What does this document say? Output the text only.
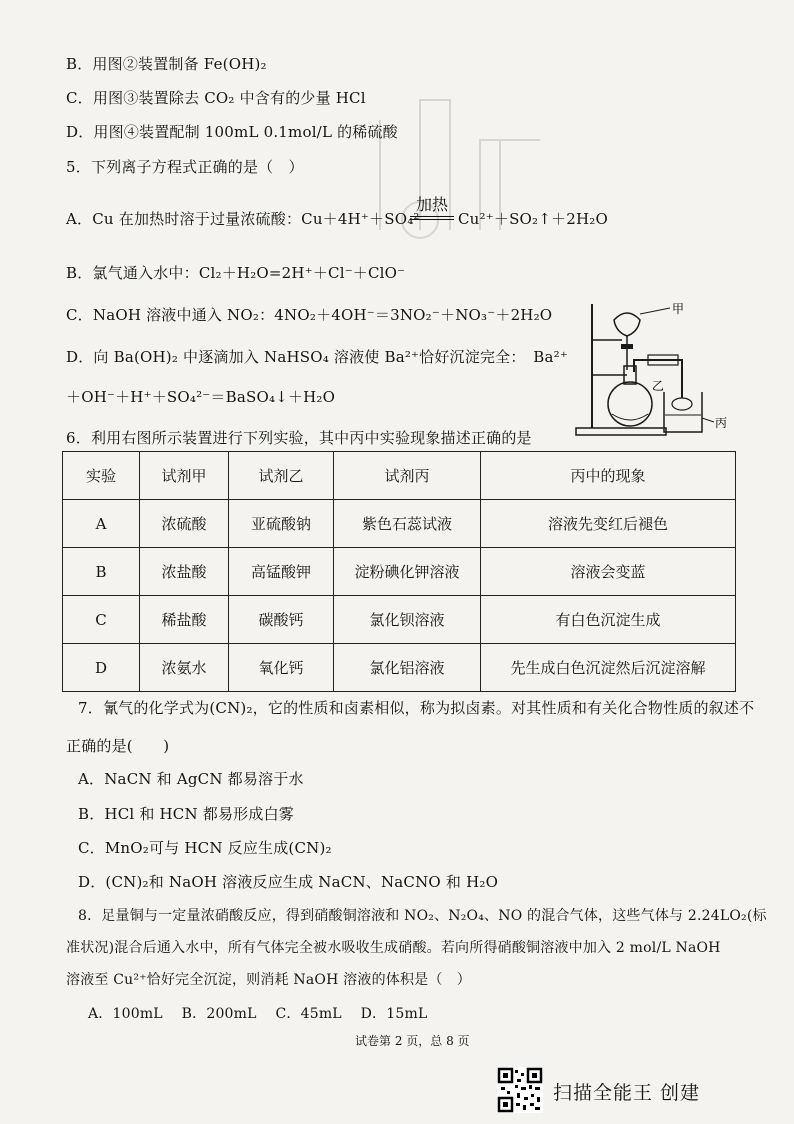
B．用图②装置制备 Fe(OH)₂
C．用图③装置除去 CO₂ 中含有的少量 HCl
D．用图④装置配制 100mL 0.1mol/L 的稀硫酸
5．下列离子方程式正确的是（　）
A．Cu 在加热时溶于过量浓硫酸：Cu＋4H⁺＋SO₄²⁻
加热
Cu²⁺＋SO₂↑＋2H₂O
B．氯气通入水中：Cl₂＋H₂O=2H⁺＋Cl⁻＋ClO⁻
C．NaOH 溶液中通入 NO₂：4NO₂＋4OH⁻＝3NO₂⁻＋NO₃⁻＋2H₂O
D．向 Ba(OH)₂ 中逐滴加入 NaHSO₄ 溶液使 Ba²⁺恰好沉淀完全：　Ba²⁺
＋OH⁻＋H⁺＋SO₄²⁻＝BaSO₄↓＋H₂O
甲
乙
丙
6．利用右图所示装置进行下列实验，其中丙中实验现象描述正确的是
实验	试剂甲	试剂乙	试剂丙	丙中的现象
A	浓硫酸	亚硫酸钠	紫色石蕊试液	溶液先变红后褪色
B	浓盐酸	高锰酸钾	淀粉碘化钾溶液	溶液会变蓝
C	稀盐酸	碳酸钙	氯化钡溶液	有白色沉淀生成
D	浓氨水	氧化钙	氯化铝溶液	先生成白色沉淀然后沉淀溶解
7．氰气的化学式为(CN)₂，它的性质和卤素相似，称为拟卤素。对其性质和有关化合物性质的叙述不
正确的是(　　)
A．NaCN 和 AgCN 都易溶于水
B．HCl 和 HCN 都易形成白雾
C．MnO₂可与 HCN 反应生成(CN)₂
D．(CN)₂和 NaOH 溶液反应生成 NaCN、NaCNO 和 H₂O
8．足量铜与一定量浓硝酸反应，得到硝酸铜溶液和 NO₂、N₂O₄、NO 的混合气体，这些气体与 2.24LO₂(标
准状况)混合后通入水中，所有气体完全被水吸收生成硝酸。若向所得硝酸铜溶液中加入 2 mol/L NaOH
溶液至 Cu²⁺恰好完全沉淀，则消耗 NaOH 溶液的体积是（　）
A．100mL　 B．200mL　 C．45mL　 D．15mL
试卷第 2 页，总 8 页
扫描全能王 创建
